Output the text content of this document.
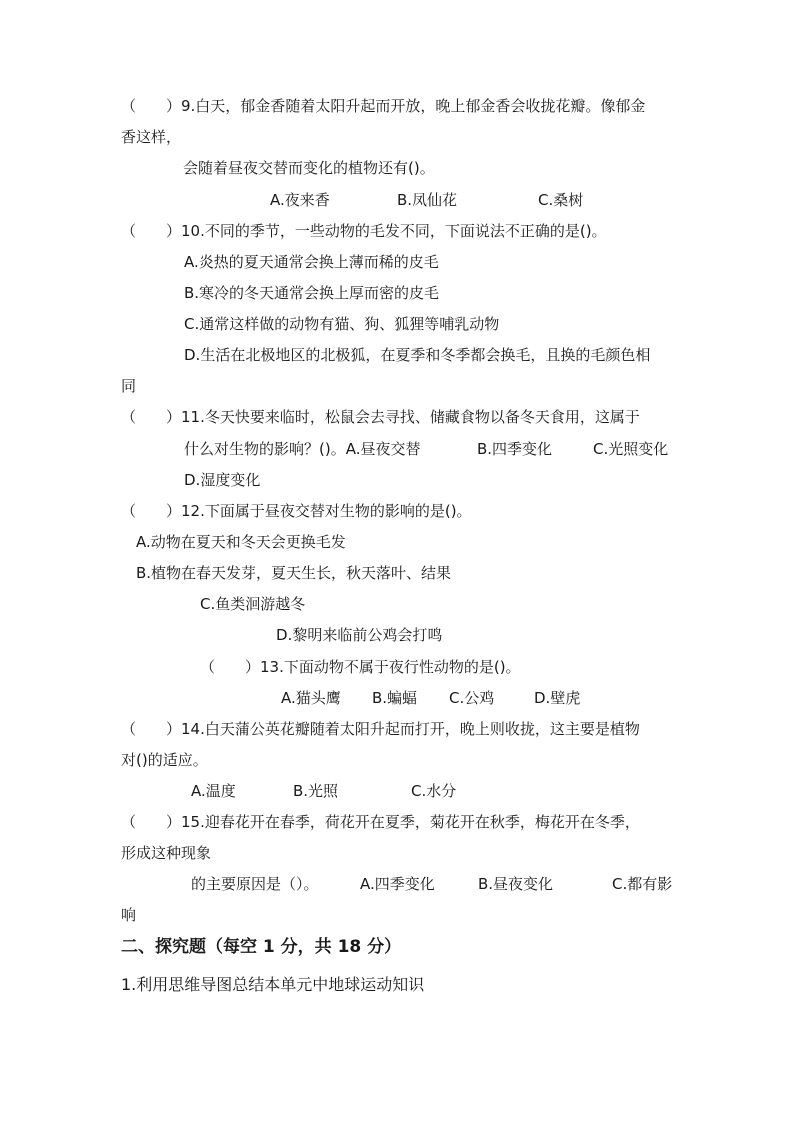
（　　）9.白天，郁金香随着太阳升起而开放，晚上郁金香会收拢花瓣。像郁金
香这样，
会随着昼夜交替而变化的植物还有()。
A.夜来香	B.凤仙花	C.桑树
（　　）10.不同的季节，一些动物的毛发不同，下面说法不正确的是()。
A.炎热的夏天通常会换上薄而稀的皮毛
B.寒冷的冬天通常会换上厚而密的皮毛
C.通常这样做的动物有猫、狗、狐狸等哺乳动物
D.生活在北极地区的北极狐，在夏季和冬季都会换毛，且换的毛颜色相
同
（　　）11.冬天快要来临时，松鼠会去寻找、储藏食物以备冬天食用，这属于
什么对生物的影响？()。A.昼夜交替	B.四季变化	C.光照变化
D.湿度变化
（　　）12.下面属于昼夜交替对生物的影响的是()。
A.动物在夏天和冬天会更换毛发
B.植物在春天发芽，夏天生长，秋天落叶、结果
C.鱼类洄游越冬
D.黎明来临前公鸡会打鸣
（　　）13.下面动物不属于夜行性动物的是()。
A.猫头鹰 B.蝙蝠 C.公鸡	D.壁虎
（　　）14.白天蒲公英花瓣随着太阳升起而打开，晚上则收拢，这主要是植物
对()的适应。
A.温度	B.光照	C.水分
（　　）15.迎春花开在春季，荷花开在夏季，菊花开在秋季，梅花开在冬季，
形成这种现象
的主要原因是（）。	A.四季变化	B.昼夜变化	C.都有影
响
二、探究题（每空 1 分，共 18 分）
1.利用思维导图总结本单元中地球运动知识
